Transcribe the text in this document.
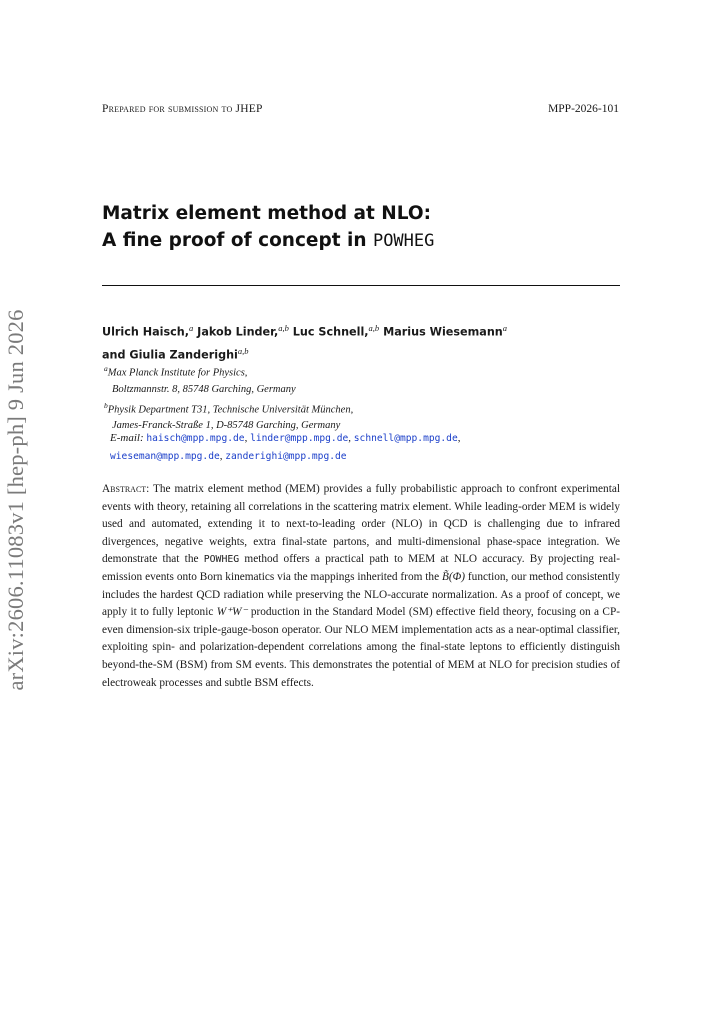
arXiv:2606.11083v1 [hep-ph] 9 Jun 2026
Prepared for submission to JHEP	MPP-2026-101
Matrix element method at NLO:
A fine proof of concept in POWHEG
Ulrich Haisch,$^a$ Jakob Linder,$^{a,b}$ Luc Schnell,$^{a,b}$ Marius Wiesemann$^a$
and Giulia Zanderighi$^{a,b}$
$^a$Max Planck Institute for Physics,
Boltzmannstr. 8, 85748 Garching, Germany
$^b$Physik Department T31, Technische Universität München,
James-Franck-Straße 1, D-85748 Garching, Germany
E-mail: haisch@mpp.mpg.de, linder@mpp.mpg.de, schnell@mpp.mpg.de,
wieseman@mpp.mpg.de, zanderighi@mpp.mpg.de

Abstract: The matrix element method (MEM) provides a fully probabilistic approach to confront experimental events with theory, retaining all correlations in the scattering matrix element. While leading-order MEM is widely used and automated, extending it to next-to-leading order (NLO) in QCD is challenging due to infrared divergences, negative weights, extra final-state partons, and multi-dimensional phase-space integration. We demonstrate that the POWHEG method offers a practical path to MEM at NLO accuracy. By projecting real-emission events onto Born kinematics via the mappings inherited from the B̃(Φ) function, our method consistently includes the hardest QCD radiation while preserving the NLO-accurate normalization. As a proof of concept, we apply it to fully leptonic W⁺W⁻ production in the Standard Model (SM) effective field theory, focusing on a CP-even dimension-six triple-gauge-boson operator. Our NLO MEM implementation acts as a near-optimal classifier, exploiting spin- and polarization-dependent correlations among the final-state leptons to efficiently distinguish beyond-the-SM (BSM) from SM events. This demonstrates the potential of MEM at NLO for precision studies of electroweak processes and subtle BSM effects.
